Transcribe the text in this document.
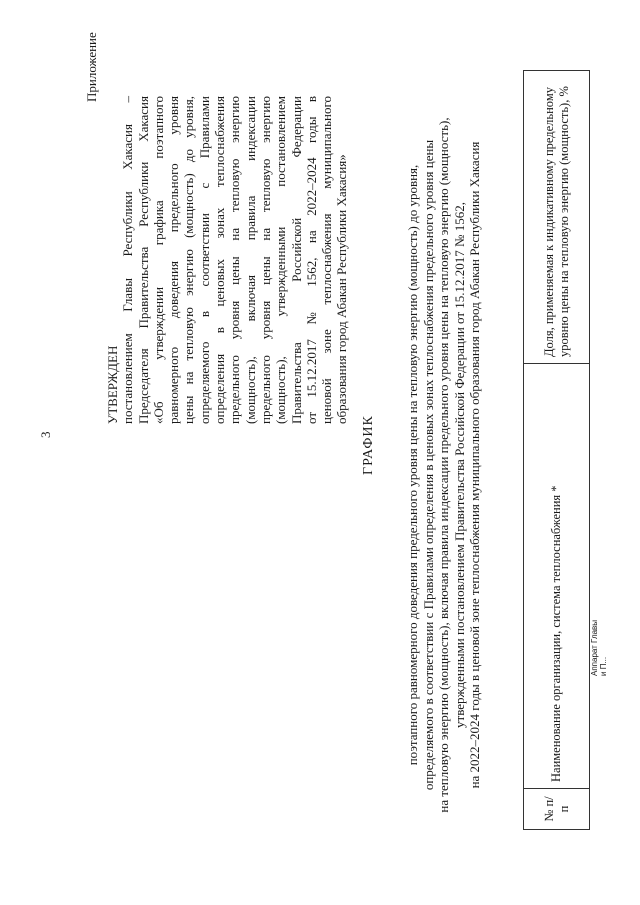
3
Приложение
УТВЕРЖДЕН постановлением Главы Республики Хакасия – Председателя Правительства Республики Хакасия «Об утверждении графика поэтапного равномерного доведения предельного уровня цены на тепловую энергию (мощность) до уровня, определяемого в соответствии с Правилами определения в ценовых зонах теплоснабжения предельного уровня цены на тепловую энергию (мощность), включая правила индексации предельного уровня цены на тепловую энергию (мощность), утвержденными постановлением Правительства Российской Федерации от 15.12.2017 № 1562, на 2022–2024 годы в ценовой зоне теплоснабжения муниципального образования город Абакан Республики Хакасия»
ГРАФИК поэтапного равномерного доведения предельного уровня цены на тепловую энергию (мощность) до уровня, определяемого в соответствии с Правилами определения в ценовых зонах теплоснабжения предельного уровня цены на тепловую энергию (мощность), включая правила индексации предельного уровня цены на тепловую энергию (мощность), утвержденными постановлением Правительства Российской Федерации от 15.12.2017 № 1562, на 2022–2024 годы в ценовой зоне теплоснабжения муниципального образования город Абакан Республики Хакасия	Аппарат Главы и П...
№ п/п	Наименование организации, система теплоснабжения *	Доля, применяемая к индикативному предельному уровню цены на тепловую энергию (мощность), %
